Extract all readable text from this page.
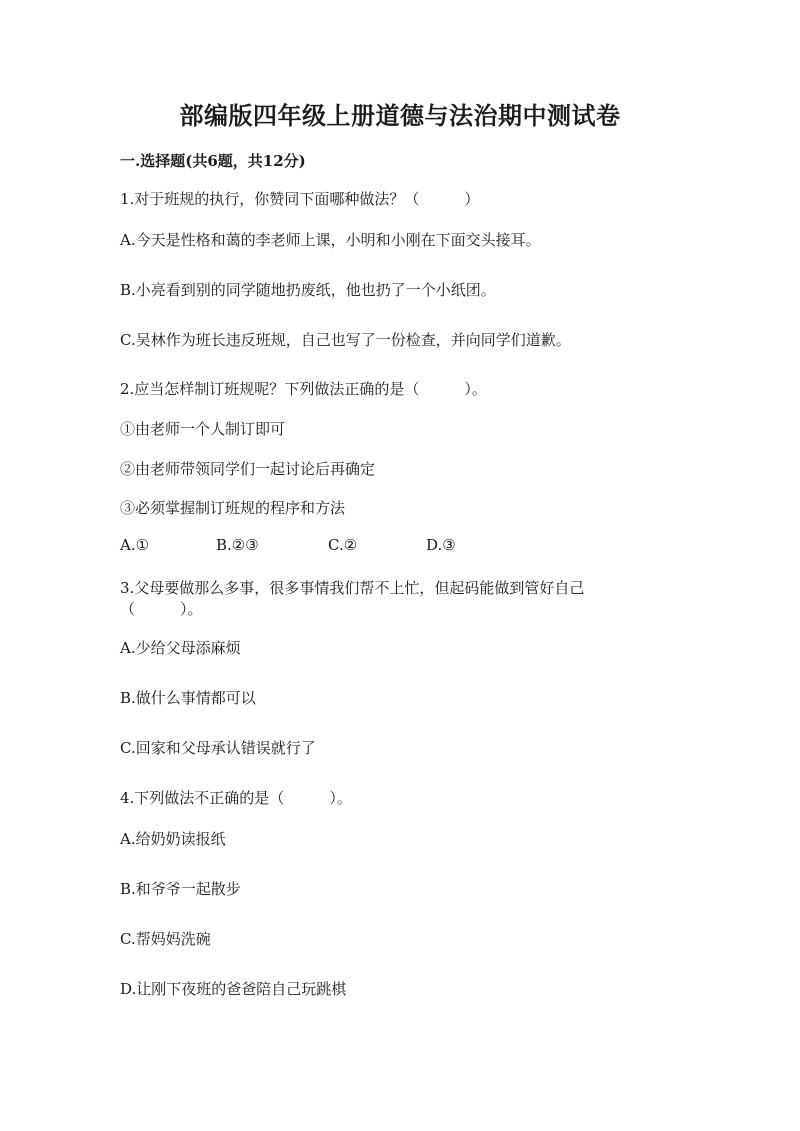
部编版四年级上册道德与法治期中测试卷
一.选择题(共6题，共12分)
1.对于班规的执行，你赞同下面哪种做法？（　　　）
A.今天是性格和蔼的李老师上课，小明和小刚在下面交头接耳。
B.小亮看到别的同学随地扔废纸，他也扔了一个小纸团。
C.吴林作为班长违反班规，自己也写了一份检查，并向同学们道歉。
2.应当怎样制订班规呢？下列做法正确的是（　　　）。
①由老师一个人制订即可
②由老师带领同学们一起讨论后再确定
③必须掌握制订班规的程序和方法
A.①	B.②③	C.②	D.③
3.父母要做那么多事，很多事情我们帮不上忙，但起码能做到管好自己
（　　　）。
A.少给父母添麻烦
B.做什么事情都可以
C.回家和父母承认错误就行了
4.下列做法不正确的是（　　　）。
A.给奶奶读报纸
B.和爷爷一起散步
C.帮妈妈洗碗
D.让刚下夜班的爸爸陪自己玩跳棋
